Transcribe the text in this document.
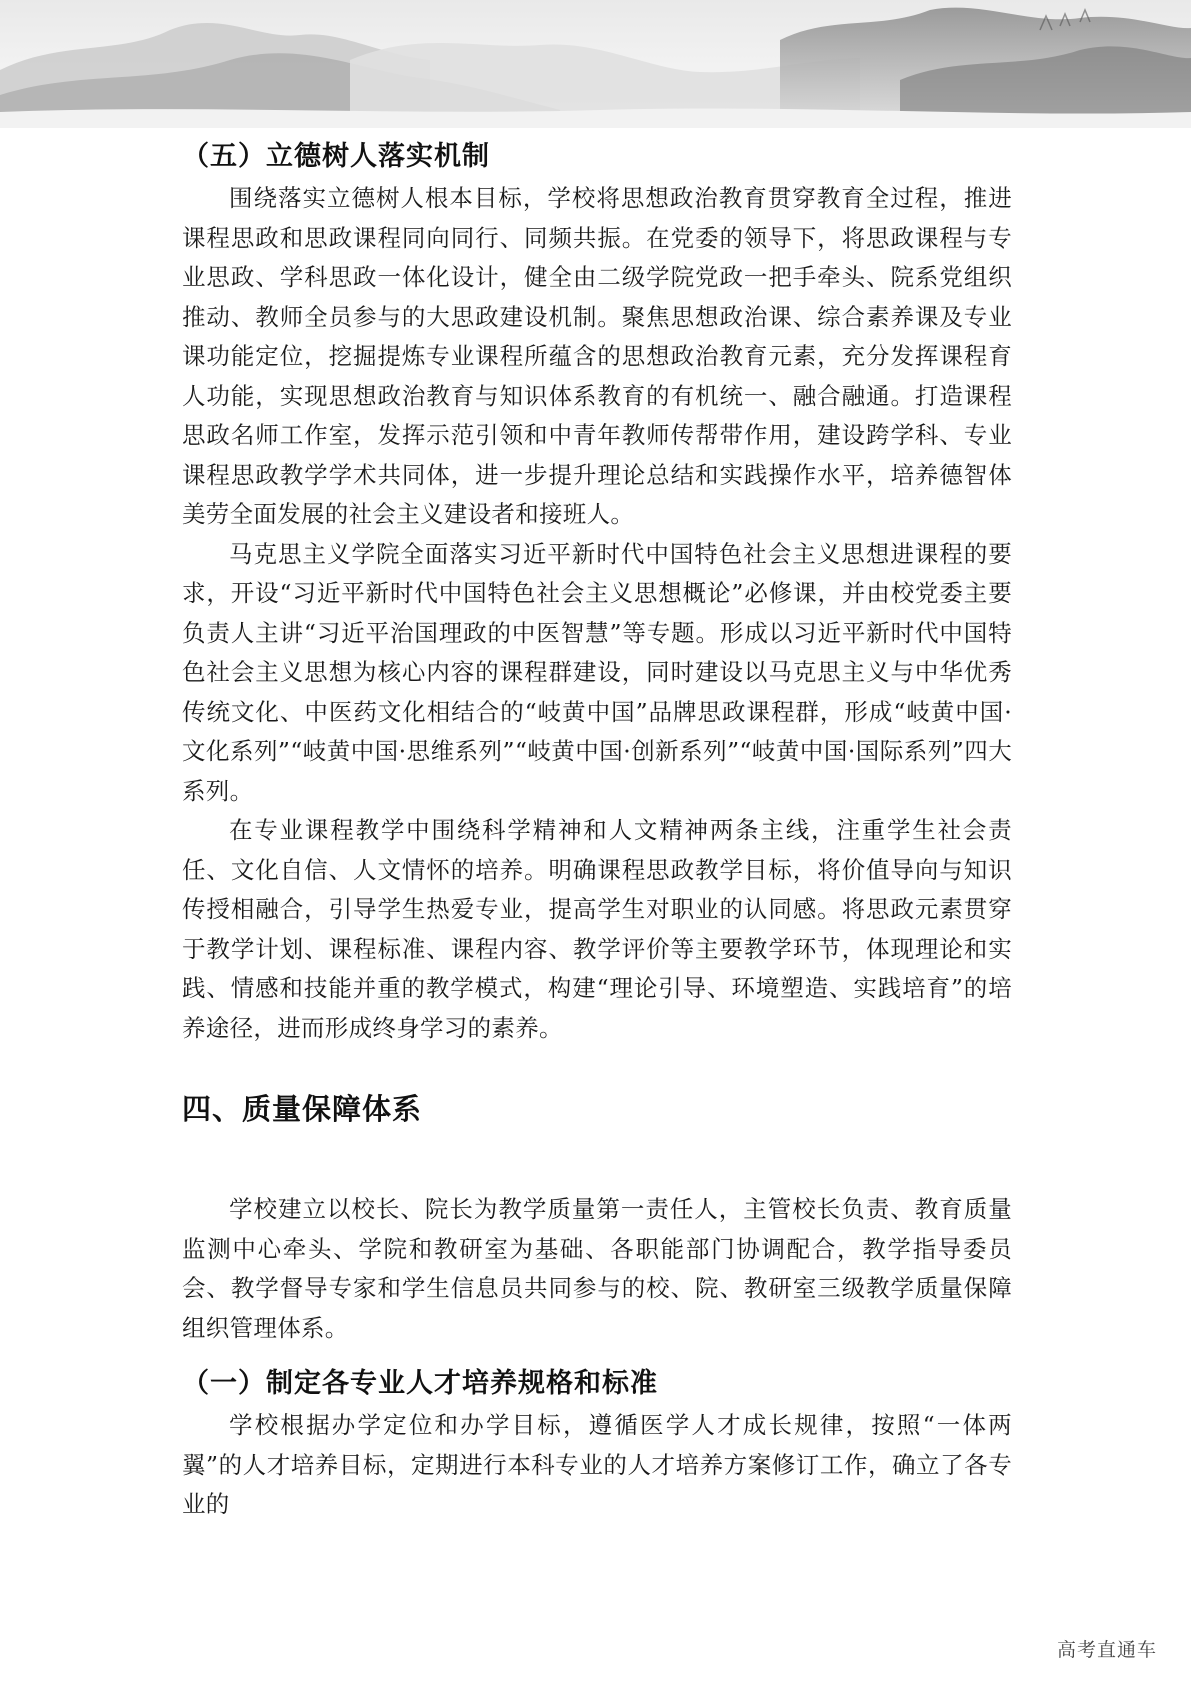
（五）立德树人落实机制

围绕落实立德树人根本目标，学校将思想政治教育贯穿教育全过程，推进课程思政和思政课程同向同行、同频共振。在党委的领导下，将思政课程与专业思政、学科思政一体化设计，健全由二级学院党政一把手牵头、院系党组织推动、教师全员参与的大思政建设机制。聚焦思想政治课、综合素养课及专业课功能定位，挖掘提炼专业课程所蕴含的思想政治教育元素，充分发挥课程育人功能，实现思想政治教育与知识体系教育的有机统一、融合融通。打造课程思政名师工作室，发挥示范引领和中青年教师传帮带作用，建设跨学科、专业课程思政教学学术共同体，进一步提升理论总结和实践操作水平，培养德智体美劳全面发展的社会主义建设者和接班人。

马克思主义学院全面落实习近平新时代中国特色社会主义思想进课程的要求，开设“习近平新时代中国特色社会主义思想概论”必修课，并由校党委主要负责人主讲“习近平治国理政的中医智慧”等专题。形成以习近平新时代中国特色社会主义思想为核心内容的课程群建设，同时建设以马克思主义与中华优秀传统文化、中医药文化相结合的“岐黄中国”品牌思政课程群，形成“岐黄中国·文化系列”“岐黄中国·思维系列”“岐黄中国·创新系列”“岐黄中国·国际系列”四大系列。

在专业课程教学中围绕科学精神和人文精神两条主线，注重学生社会责任、文化自信、人文情怀的培养。明确课程思政教学目标，将价值导向与知识传授相融合，引导学生热爱专业，提高学生对职业的认同感。将思政元素贯穿于教学计划、课程标准、课程内容、教学评价等主要教学环节，体现理论和实践、情感和技能并重的教学模式，构建“理论引导、环境塑造、实践培育”的培养途径，进而形成终身学习的素养。

四、质量保障体系

学校建立以校长、院长为教学质量第一责任人，主管校长负责、教育质量监测中心牵头、学院和教研室为基础、各职能部门协调配合，教学指导委员会、教学督导专家和学生信息员共同参与的校、院、教研室三级教学质量保障组织管理体系。

（一）制定各专业人才培养规格和标准

学校根据办学定位和办学目标，遵循医学人才成长规律，按照“一体两翼”的人才培养目标，定期进行本科专业的人才培养方案修订工作，确立了各专业的

高考直通车
